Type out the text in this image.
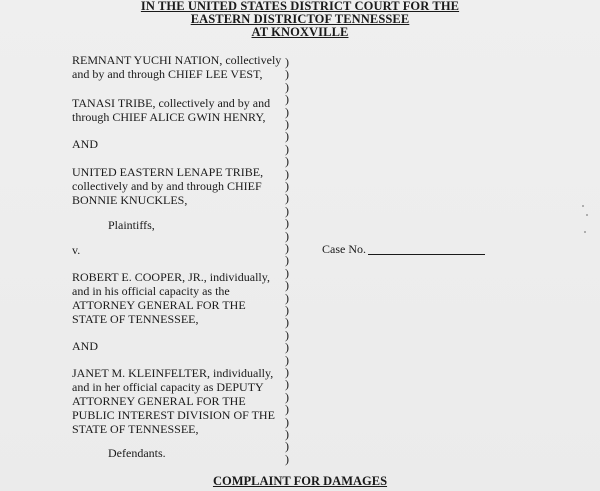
IN THE UNITED STATES DISTRICT COURT FOR THE
EASTERN DISTRICTOF TENNESSEE
AT KNOXVILLE
REMNANT YUCHI NATION, collectively
and by and through CHIEF LEE VEST,
TANASI TRIBE, collectively and by and
through CHIEF ALICE GWIN HENRY,
AND
UNITED EASTERN LENAPE TRIBE,
collectively and by and through CHIEF
BONNIE KNUCKLES,
Plaintiffs,
v.
ROBERT E. COOPER, JR., individually,
and in his official capacity as the
ATTORNEY GENERAL FOR THE
STATE OF TENNESSEE,
AND
JANET M. KLEINFELTER, individually,
and in her official capacity as DEPUTY
ATTORNEY GENERAL FOR THE
PUBLIC INTEREST DIVISION OF THE
STATE OF TENNESSEE,
Defendants.
)
)
)
)
)
)
)
)
)
)
)
)
)
)
)
)
)
)
)
)
)
)
)
)
)
)
)
)
)
)
)
)
)
Case No.
COMPLAINT FOR DAMAGES
